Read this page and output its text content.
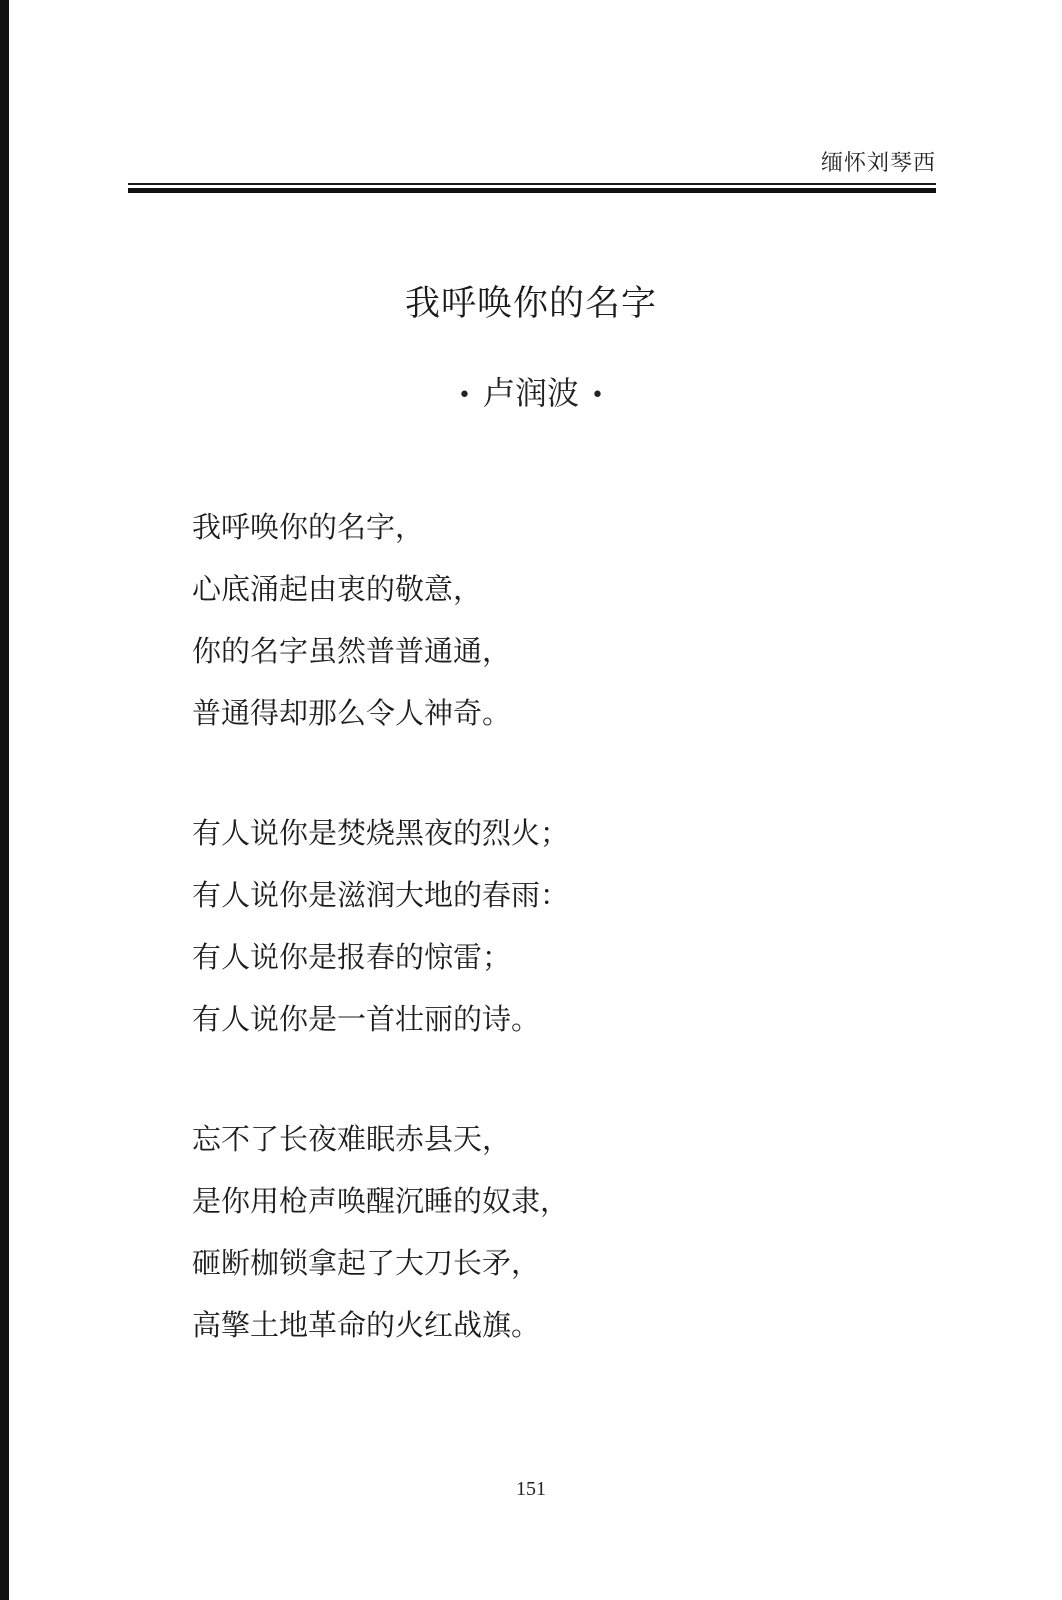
缅怀刘琴西
我呼唤你的名字
• 卢润波 •
我呼唤你的名字，
心底涌起由衷的敬意，
你的名字虽然普普通通，
普通得却那么令人神奇。
有人说你是焚烧黑夜的烈火；
有人说你是滋润大地的春雨：
有人说你是报春的惊雷；
有人说你是一首壮丽的诗。
忘不了长夜难眠赤县天，
是你用枪声唤醒沉睡的奴隶，
砸断枷锁拿起了大刀长矛，
高擎土地革命的火红战旗。
151
